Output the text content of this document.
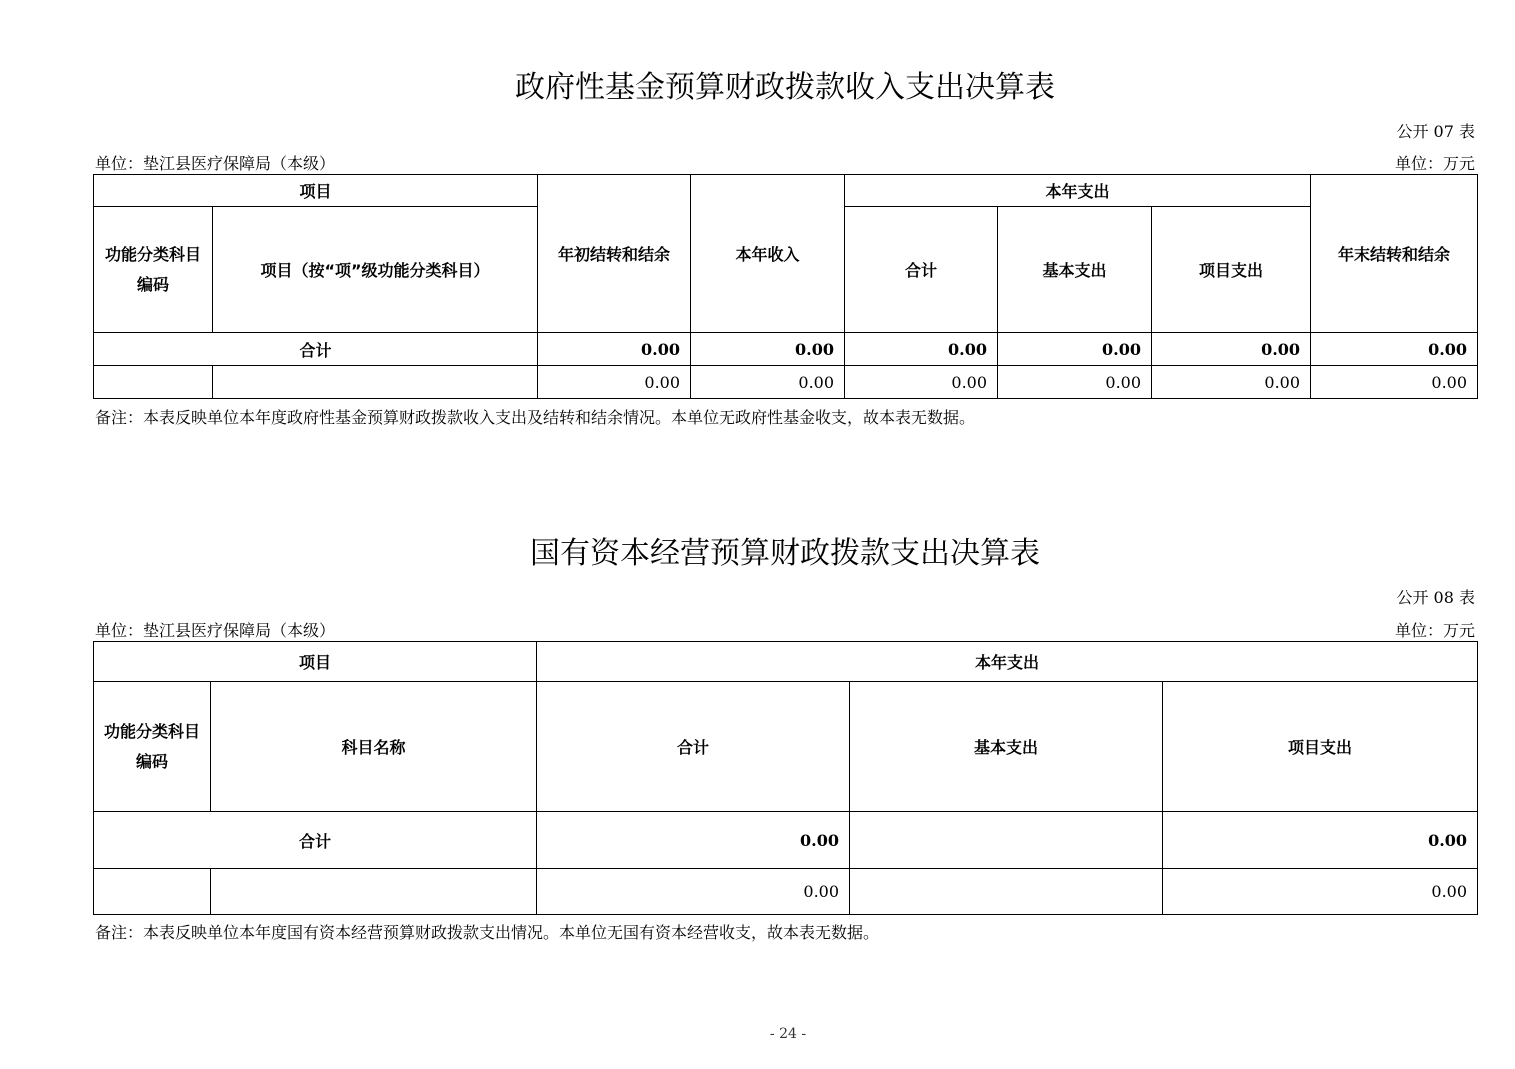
政府性基金预算财政拨款收入支出决算表
公开 07 表
单位：垫江县医疗保障局（本级）	单位：万元
项目		年初结转和结余	本年收入	本年支出			年末结转和结余
功能分类科目编码	项目（按“项”级功能分类科目）			合计	基本支出	项目支出	
合计		0.00	0.00	0.00	0.00	0.00	0.00
		0.00	0.00	0.00	0.00	0.00	0.00
备注：本表反映单位本年度政府性基金预算财政拨款收入支出及结转和结余情况。本单位无政府性基金收支，故本表无数据。
国有资本经营预算财政拨款支出决算表
公开 08 表
单位：垫江县医疗保障局（本级）	单位：万元
项目		本年支出		
功能分类科目编码	科目名称	合计	基本支出	项目支出
合计		0.00		0.00
		0.00		0.00
备注：本表反映单位本年度国有资本经营预算财政拨款支出情况。本单位无国有资本经营收支，故本表无数据。
- 24 -
